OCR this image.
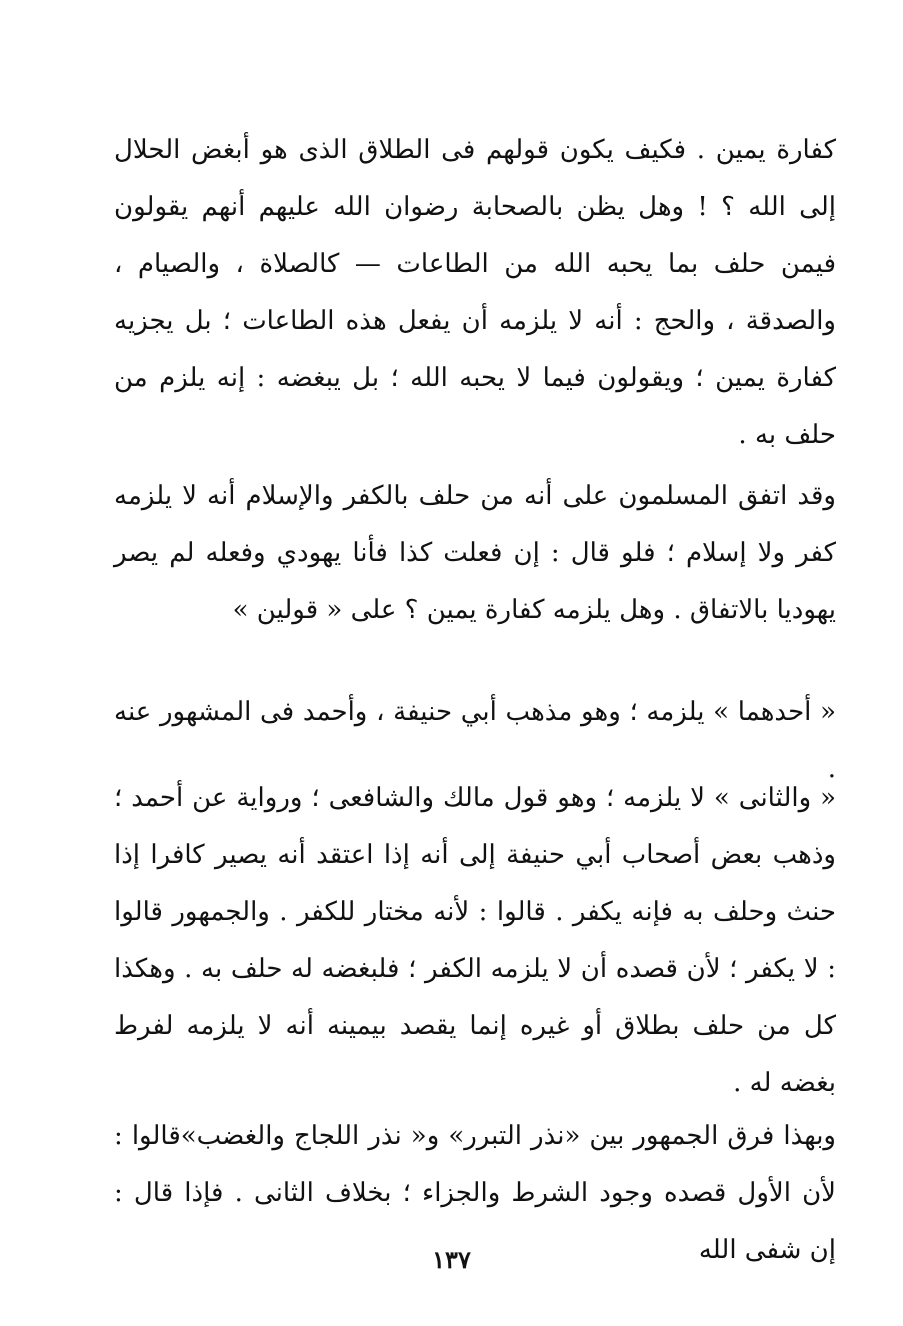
كفارة يمين . فكيف يكون قولهم فى الطلاق الذى هو أبغض الحلال إلى الله ؟ ! وهل يظن بالصحابة رضوان الله عليهم أنهم يقولون فيمن حلف بما يحبه الله من الطاعات — كالصلاة ، والصيام ، والصدقة ، والحج : أنه لا يلزمه أن يفعل هذه الطاعات ؛ بل يجزيه كفارة يمين ؛ ويقولون فيما لا يحبه الله ؛ بل يبغضه : إنه يلزم من حلف به .

وقد اتفق المسلمون على أنه من حلف بالكفر والإسلام أنه لا يلزمه كفر ولا إسلام ؛ فلو قال : إن فعلت كذا فأنا يهودي وفعله لم يصر يهوديا بالاتفاق . وهل يلزمه كفارة يمين ؟ على « قولين »

« أحدهما » يلزمه ؛ وهو مذهب أبي حنيفة ، وأحمد فى المشهور عنه .

« والثانى » لا يلزمه ؛ وهو قول مالك والشافعى ؛ ورواية عن أحمد ؛ وذهب بعض أصحاب أبي حنيفة إلى أنه إذا اعتقد أنه يصير كافرا إذا حنث وحلف به فإنه يكفر . قالوا : لأنه مختار للكفر . والجمهور قالوا : لا يكفر ؛ لأن قصده أن لا يلزمه الكفر ؛ فلبغضه له حلف به . وهكذا كل من حلف بطلاق أو غيره إنما يقصد بيمينه أنه لا يلزمه لفرط بغضه له .

وبهذا فرق الجمهور بين «نذر التبرر» و« نذر اللجاج والغضب»قالوا : لأن الأول قصده وجود الشرط والجزاء ؛ بخلاف الثانى . فإذا قال : إن شفى الله

١٣٧
